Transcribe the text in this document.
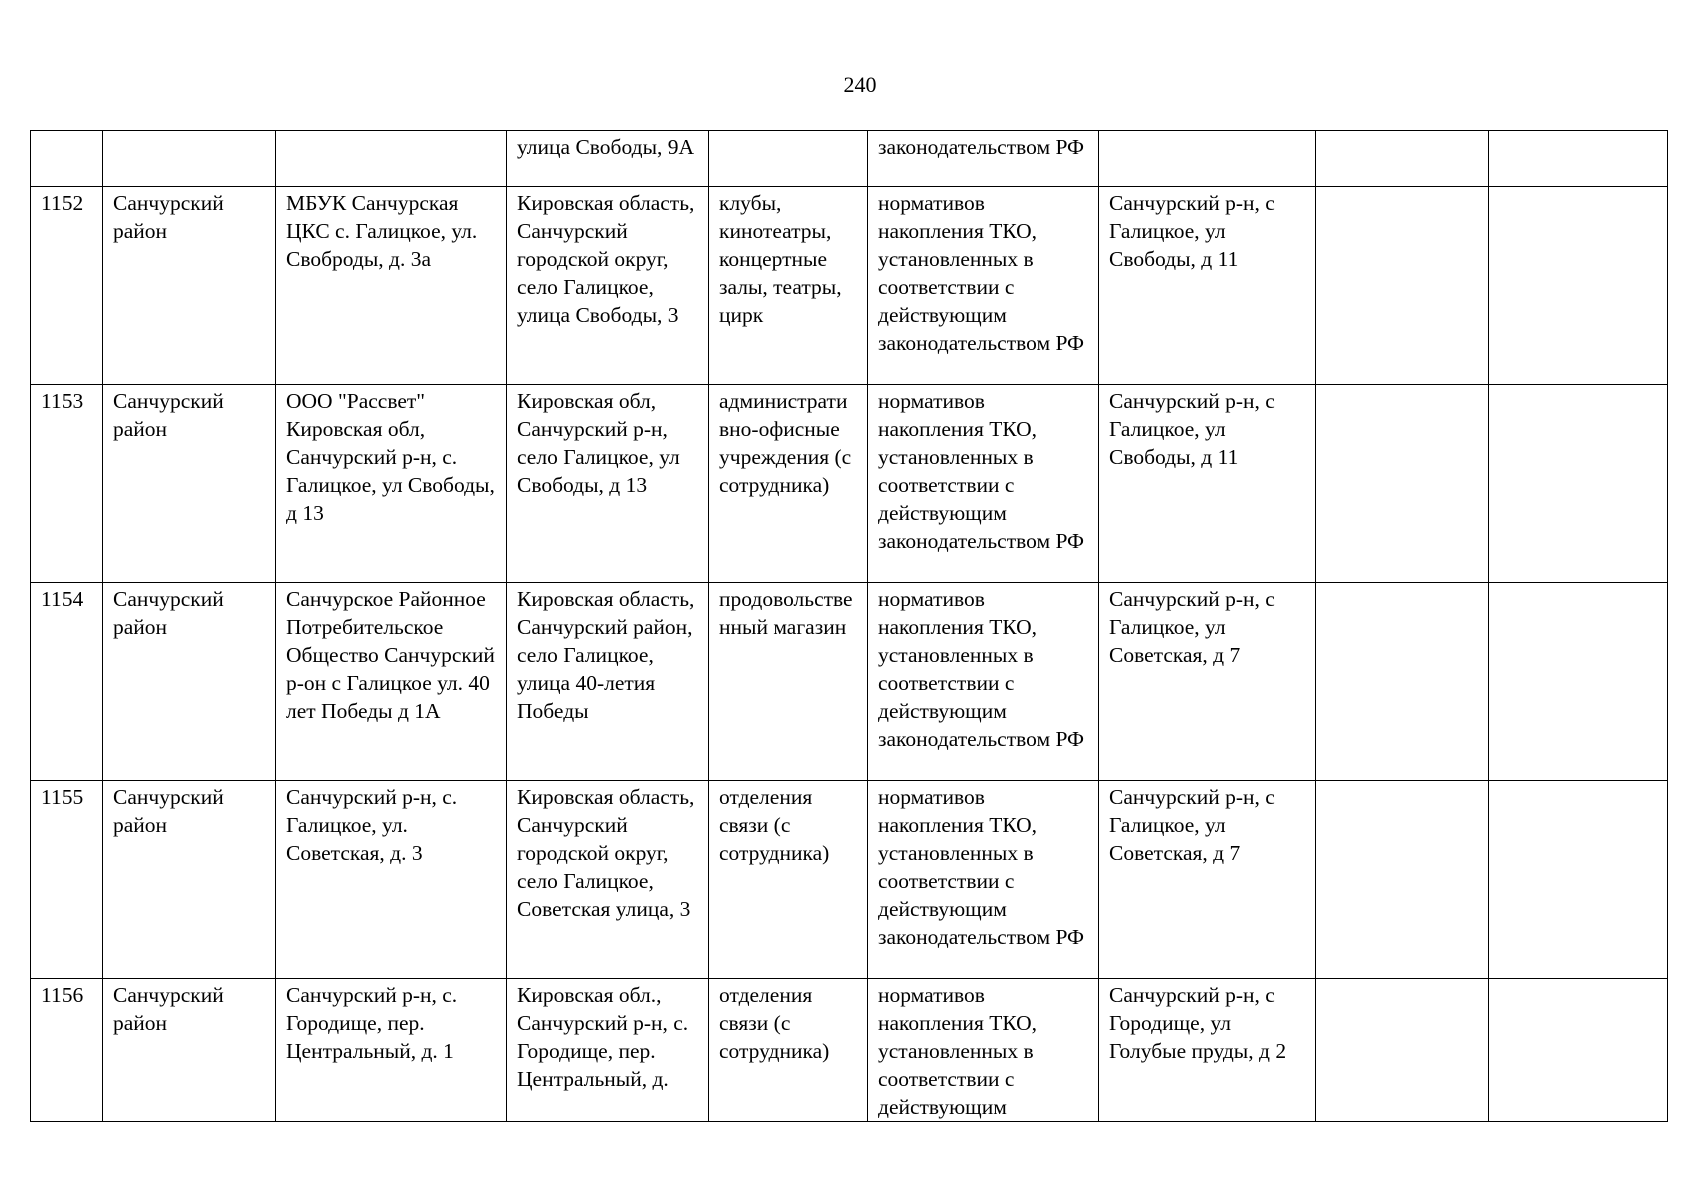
240
			улица Свободы, 9А		законодательством РФ			
1152	Санчурский район	МБУК Санчурская ЦКС с. Галицкое, ул. Своброды, д. 3а	Кировская область, Санчурский городской округ, село Галицкое, улица Свободы, 3	клубы, кинотеатры, концертные залы, театры, цирк	нормативов накопления ТКО, установленных в соответствии с действующим законодательством РФ	Санчурский р-н, с Галицкое, ул Свободы, д 11		
1153	Санчурский район	ООО "Рассвет" Кировская обл, Санчурский р-н, с. Галицкое, ул Свободы, д 13	Кировская обл, Санчурский р-н, село Галицкое, ул Свободы, д 13	административно-офисные учреждения (с сотрудника)	нормативов накопления ТКО, установленных в соответствии с действующим законодательством РФ	Санчурский р-н, с Галицкое, ул Свободы, д 11		
1154	Санчурский район	Санчурское Районное Потребительское Общество Санчурский р-он с Галицкое ул. 40 лет Победы д 1А	Кировская область, Санчурский район, село Галицкое, улица 40-летия Победы	продовольственный магазин	нормативов накопления ТКО, установленных в соответствии с действующим законодательством РФ	Санчурский р-н, с Галицкое, ул Советская, д 7		
1155	Санчурский район	Санчурский р-н, с. Галицкое, ул. Советская, д. 3	Кировская область, Санчурский городской округ, село Галицкое, Советская улица, 3	отделения связи (с сотрудника)	нормативов накопления ТКО, установленных в соответствии с действующим законодательством РФ	Санчурский р-н, с Галицкое, ул Советская, д 7		
1156	Санчурский район	Санчурский р-н, с. Городище, пер. Центральный, д. 1	Кировская обл., Санчурский р-н, с. Городище, пер. Центральный, д.	отделения связи (с сотрудника)	нормативов накопления ТКО, установленных в соответствии с действующим	Санчурский р-н, с Городище, ул Голубые пруды, д 2		
